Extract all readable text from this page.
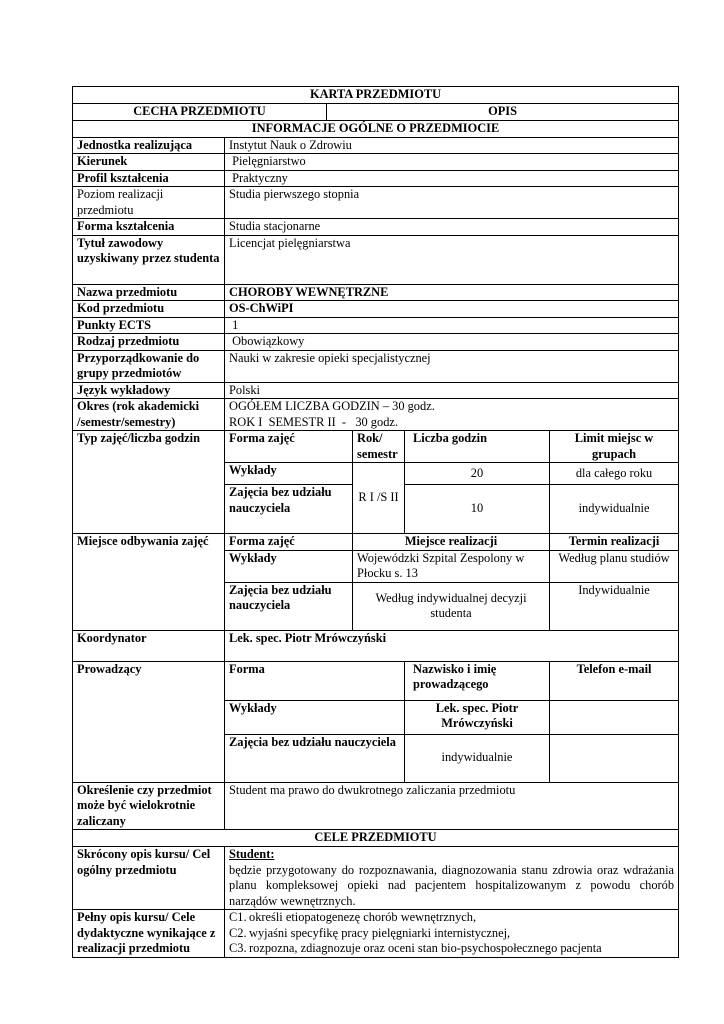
KARTA PRZEDMIOTU					
CECHA PRZEDMIOTU		OPIS			
INFORMACJE OGÓLNE O PRZEDMIOCIE					
Jednostka realizująca	Instytut Nauk o Zdrowiu				
Kierunek	Pielęgniarstwo				
Profil kształcenia	Praktyczny				
Poziom realizacji przedmiotu	Studia pierwszego stopnia				
Forma kształcenia	Studia stacjonarne				
Tytuł zawodowy uzyskiwany przez studenta	Licencjat pielęgniarstwa				
Nazwa przedmiotu	CHOROBY WEWNĘTRZNE				
Kod przedmiotu	OS-ChWiPI				
Punkty ECTS	1				
Rodzaj przedmiotu	Obowiązkowy				
Przyporządkowanie do grupy przedmiotów	Nauki w zakresie opieki specjalistycznej				
Język wykładowy	Polski				
Okres (rok akademicki /semestr/semestry)	OGÓŁEM LICZBA GODZIN – 30 godz.
ROK I  SEMESTR II  -   30 godz.				

Typ zajęć/liczba godzin	Forma zajęć		Rok/ semestr	Liczba godzin	Limit miejsc w grupach
	Wykłady		R I /S II	20	dla całego roku
	Zajęcia bez udziału nauczyciela			10	indywidualnie
Miejsce odbywania zajęć	Forma zajęć		Miejsce realizacji		Termin realizacji
	Wykłady		Wojewódzki Szpital Zespolony w Płocku s. 13		Według planu studiów
	Zajęcia bez udziału nauczyciela		Według indywidualnej decyzji studenta		Indywidualnie
Koordynator	Lek. spec. Piotr Mrówczyński				
Prowadzący	Forma			Nazwisko i imię prowadzącego	Telefon e-mail
	Wykłady			Lek. spec. Piotr Mrówczyński	
	Zajęcia bez udziału nauczyciela			indywidualnie	
Określenie czy przedmiot może być wielokrotnie zaliczany	Student ma prawo do dwukrotnego zaliczania przedmiotu				
CELE PRZEDMIOTU					
Skrócony opis kursu/ Cel ogólny przedmiotu	Student:
będzie przygotowany do rozpoznawania, diagnozowania stanu zdrowia oraz wdrażania planu kompleksowej opieki nad pacjentem hospitalizowanym z powodu chorób narządów wewnętrznych.				
Pełny opis kursu/ Cele dydaktyczne wynikające z realizacji przedmiotu	C1. określi etiopatogenezę chorób wewnętrznych,
C2. wyjaśni specyfikę pracy pielęgniarki internistycznej,
C3. rozpozna, zdiagnozuje oraz oceni stan bio-psychospołecznego pacjenta				
